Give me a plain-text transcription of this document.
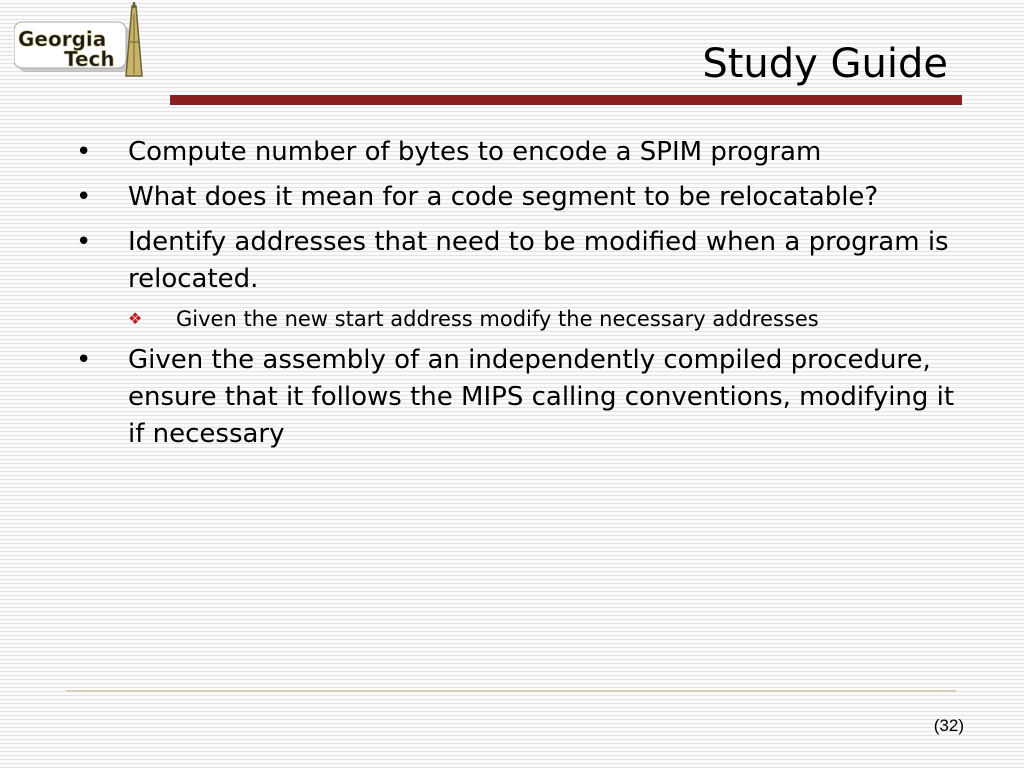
Georgia
Tech	Study Guide
• Compute number of bytes to encode a SPIM program
• What does it mean for a code segment to be relocatable?
• Identify addresses that need to be modified when a program is relocated.
❖ Given the new start address modify the necessary addresses
• Given the assembly of an independently compiled procedure, ensure that it follows the MIPS calling conventions, modifying it if necessary
(32)
